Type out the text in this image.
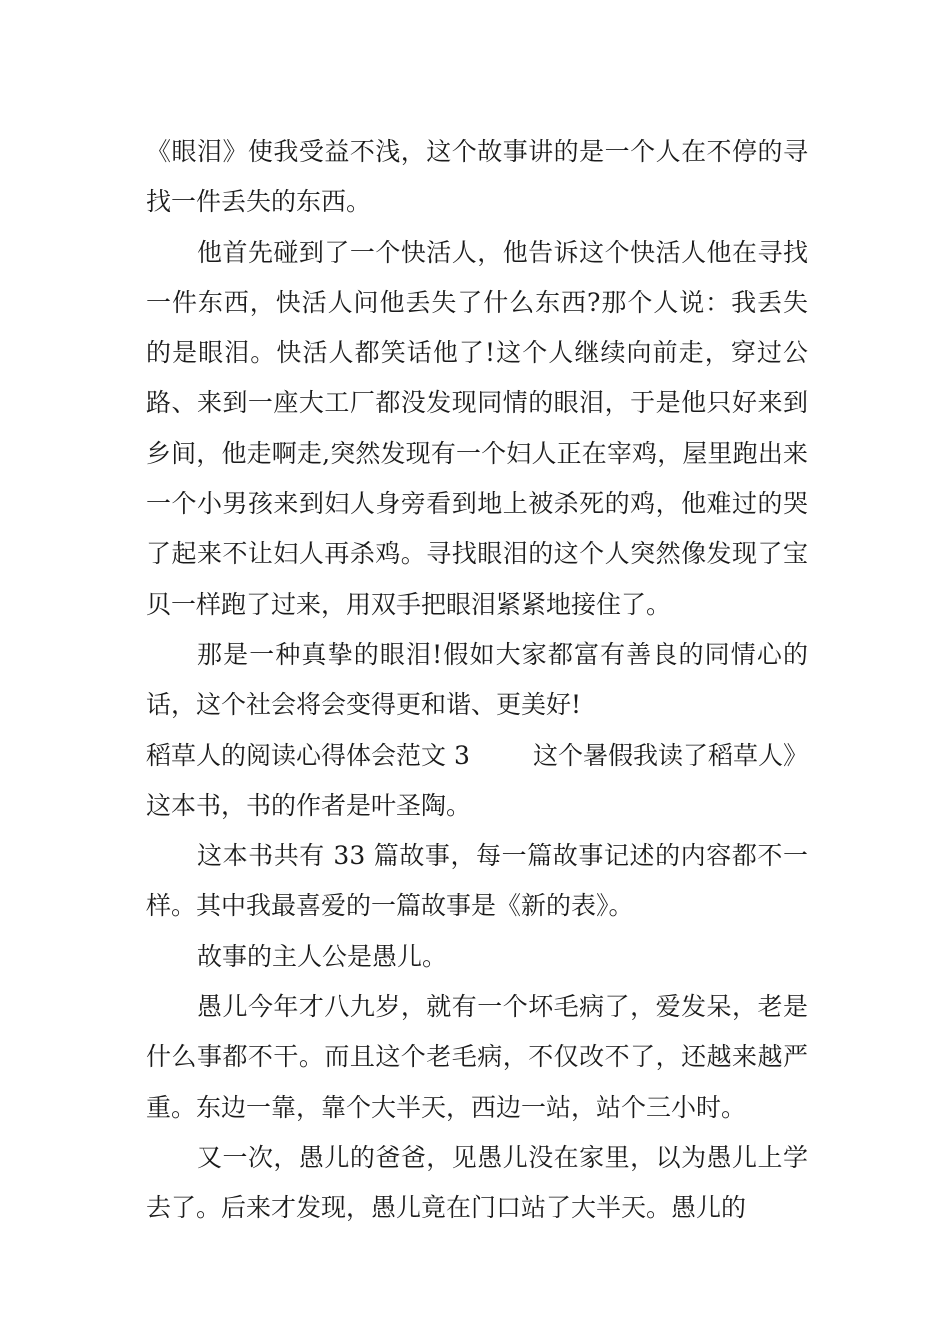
《眼泪》使我受益不浅，这个故事讲的是一个人在不停的寻找一件丢失的东西。

他首先碰到了一个快活人，他告诉这个快活人他在寻找一件东西，快活人问他丢失了什么东西?那个人说：我丢失的是眼泪。快活人都笑话他了!这个人继续向前走，穿过公路、来到一座大工厂都没发现同情的眼泪，于是他只好来到乡间，他走啊走,突然发现有一个妇人正在宰鸡，屋里跑出来一个小男孩来到妇人身旁看到地上被杀死的鸡，他难过的哭了起来不让妇人再杀鸡。寻找眼泪的这个人突然像发现了宝贝一样跑了过来，用双手把眼泪紧紧地接住了。

那是一种真挚的眼泪!假如大家都富有善良的同情心的话，这个社会将会变得更和谐、更美好!

稻草人的阅读心得体会范文 3	这个暑假我读了稻草人》

这本书，书的作者是叶圣陶。

这本书共有 33 篇故事，每一篇故事记述的内容都不一样。其中我最喜爱的一篇故事是《新的表》。

故事的主人公是愚儿。

愚儿今年才八九岁，就有一个坏毛病了，爱发呆，老是什么事都不干。而且这个老毛病，不仅改不了，还越来越严重。东边一靠，靠个大半天，西边一站，站个三小时。

又一次，愚儿的爸爸，见愚儿没在家里，以为愚儿上学去了。后来才发现，愚儿竟在门口站了大半天。愚儿的
